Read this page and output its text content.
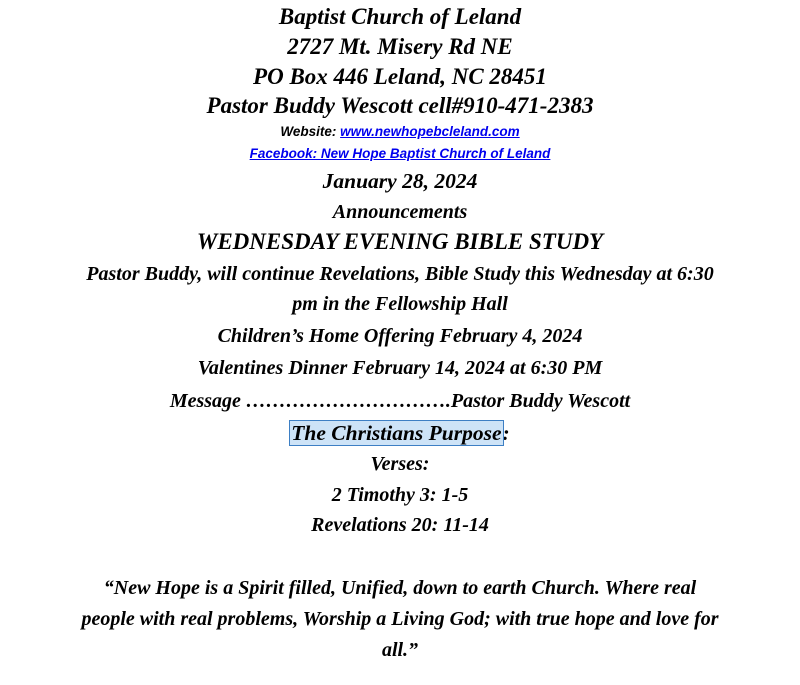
Baptist Church of Leland
2727 Mt. Misery Rd NE
PO Box 446 Leland, NC 28451
Pastor Buddy Wescott cell#910-471-2383
Website: www.newhopebcleland.com
Facebook: New Hope Baptist Church of Leland
January 28, 2024
Announcements
WEDNESDAY EVENING BIBLE STUDY
Pastor Buddy, will continue Revelations, Bible Study this Wednesday at 6:30
pm in the Fellowship Hall
Children’s Home Offering February 4, 2024
Valentines Dinner February 14, 2024 at 6:30 PM
Message ………………………….Pastor Buddy Wescott
The Christians Purpose:
Verses:
2 Timothy 3: 1-5
Revelations 20: 11-14
“New Hope is a Spirit filled, Unified, down to earth Church. Where real
people with real problems, Worship a Living God; with true hope and love for
all.”
